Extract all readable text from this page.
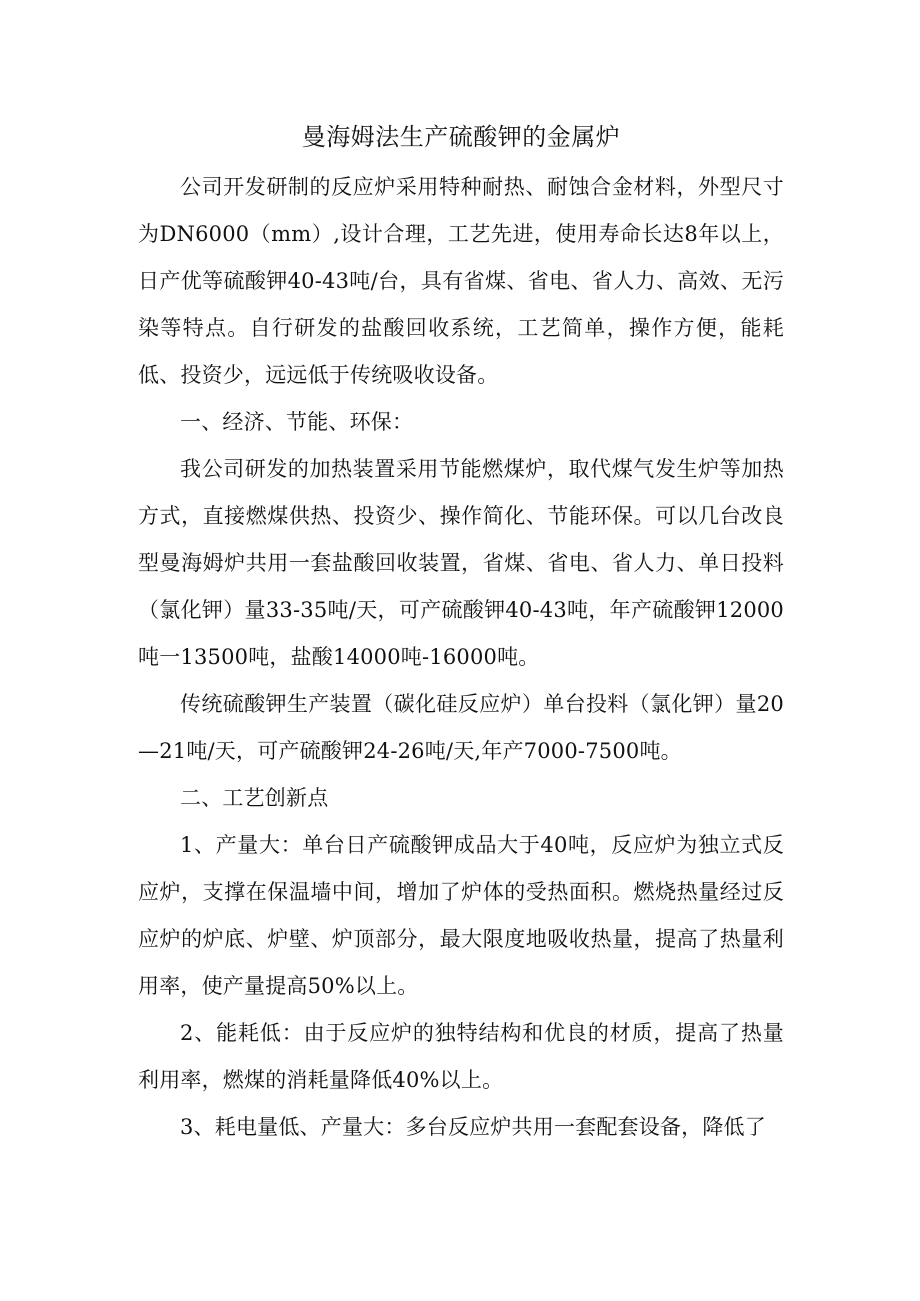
曼海姆法生产硫酸钾的金属炉

公司开发研制的反应炉采用特种耐热、耐蚀合金材料，外型尺寸为DN6000（mm）,设计合理，工艺先进，使用寿命长达8年以上，日产优等硫酸钾40-43吨/台，具有省煤、省电、省人力、高效、无污染等特点。自行研发的盐酸回收系统，工艺简单，操作方便，能耗低、投资少，远远低于传统吸收设备。

一、经济、节能、环保：

我公司研发的加热装置采用节能燃煤炉，取代煤气发生炉等加热方式，直接燃煤供热、投资少、操作简化、节能环保。可以几台改良型曼海姆炉共用一套盐酸回收装置，省煤、省电、省人力、单日投料（氯化钾）量33-35吨/天，可产硫酸钾40-43吨，年产硫酸钾12000吨一13500吨，盐酸14000吨-16000吨。

传统硫酸钾生产装置（碳化硅反应炉）单台投料（氯化钾）量20—21吨/天，可产硫酸钾24-26吨/天,年产7000-7500吨。

二、工艺创新点

1、产量大：单台日产硫酸钾成品大于40吨，反应炉为独立式反应炉，支撑在保温墙中间，增加了炉体的受热面积。燃烧热量经过反应炉的炉底、炉壁、炉顶部分，最大限度地吸收热量，提高了热量利用率，使产量提高50%以上。

2、能耗低：由于反应炉的独特结构和优良的材质，提高了热量利用率，燃煤的消耗量降低40%以上。

3、耗电量低、产量大：多台反应炉共用一套配套设备，降低了
